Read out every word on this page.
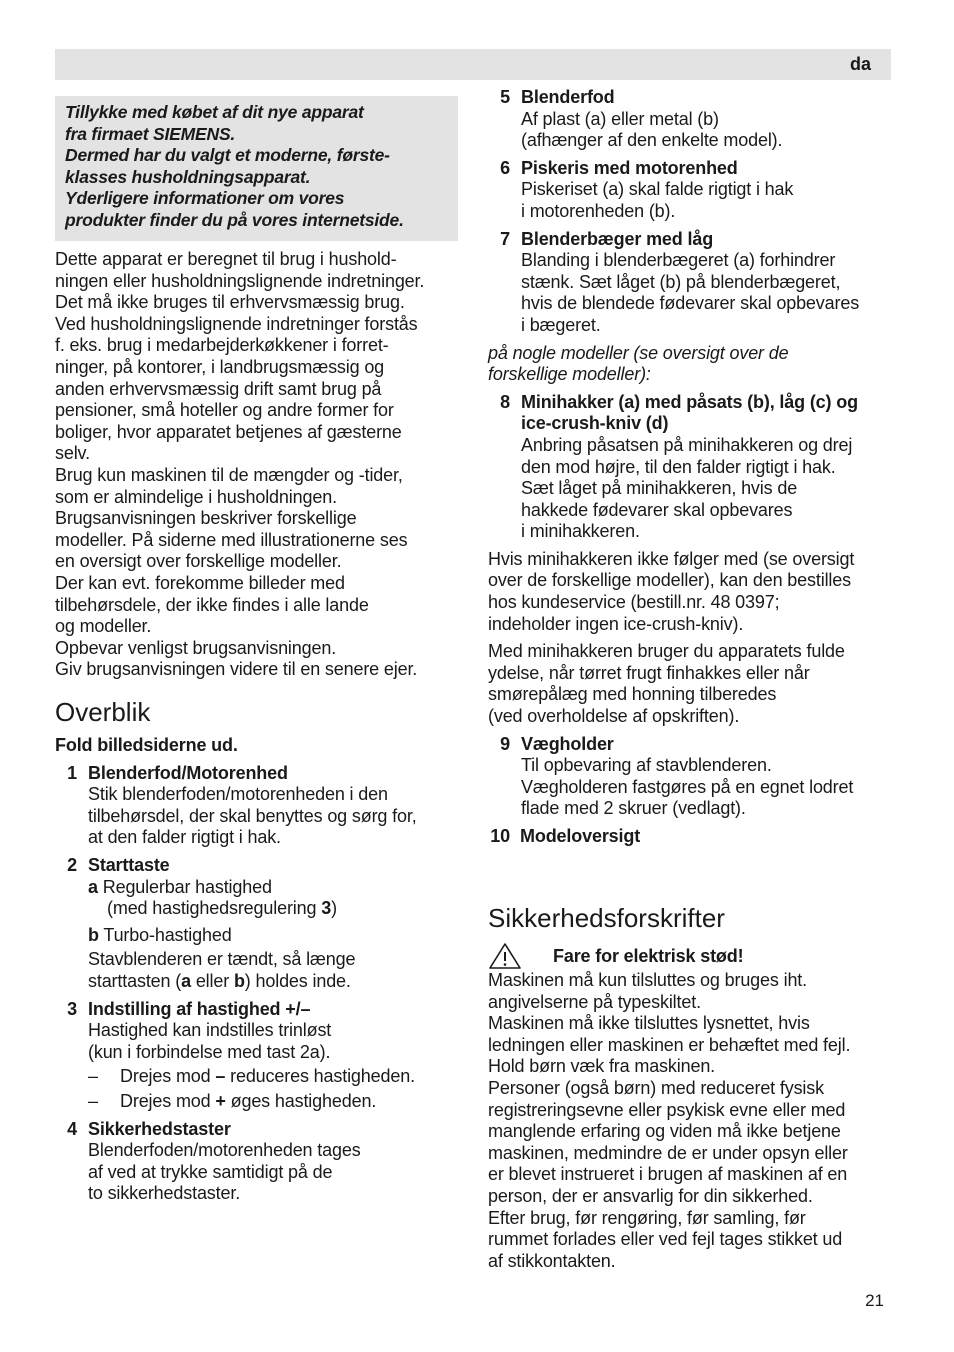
da

Tillykke med købet af dit nye apparat

fra firmaet SIEMENS.

Dermed har du valgt et moderne, første-

klasses husholdningsapparat.

Yderligere informationer om vores

produkter finder du på vores internetside.

Dette apparat er beregnet til brug i hushold-

ningen eller husholdningslignende indretninger.

Det må ikke bruges til erhvervsmæssig brug.

Ved husholdningslignende indretninger forstås

f. eks. brug i medarbejderkøkkener i forret-

ninger, på kontorer, i landbrugsmæssig og

anden erhvervsmæssig drift samt brug på

pensioner, små hoteller og andre former for

boliger, hvor apparatet betjenes af gæsterne

selv.

Brug kun maskinen til de mængder og -tider,

som er almindelige i husholdningen.

Brugsanvisningen beskriver forskellige

modeller. På siderne med illustrationerne ses

en oversigt over forskellige modeller.

Der kan evt. forekomme billeder med

tilbehørsdele, der ikke findes i alle lande

og modeller.

Opbevar venligst brugsanvisningen.

Giv brugsanvisningen videre til en senere ejer.

Overblik

Fold billedsiderne ud.

1 Blenderfod/Motorenhed

Stik blenderfoden/motorenheden i den

tilbehørsdel, der skal benyttes og sørg for,

at den falder rigtigt i hak.

2 Starttaste

a Regulerbar hastighed

(med hastighedsregulering 3)

b Turbo-hastighed

Stavblenderen er tændt, så længe

starttasten (a eller b) holdes inde.

3 Indstilling af hastighed +/–

Hastighed kan indstilles trinløst

(kun i forbindelse med tast 2a).

–	Drejes mod – reduceres hastigheden.
–	Drejes mod + øges hastigheden.
4 Sikkerhedstaster

Blenderfoden/motorenheden tages

af ved at trykke samtidigt på de

to sikkerhedstaster.

5 Blenderfod

Af plast (a) eller metal (b)

(afhænger af den enkelte model).

6 Piskeris med motorenhed

Piskeriset (a) skal falde rigtigt i hak

i motorenheden (b).

7 Blenderbæger med låg

Blanding i blenderbægeret (a) forhindrer

stænk. Sæt låget (b) på blenderbægeret,

hvis de blendede fødevarer skal opbevares

i bægeret.

på nogle modeller (se oversigt over de

forskellige modeller):

8 Minihakker (a) med påsats (b), låg (c) og

ice-crush-kniv (d)

Anbring påsatsen på minihakkeren og drej

den mod højre, til den falder rigtigt i hak.

Sæt låget på minihakkeren, hvis de

hakkede fødevarer skal opbevares

i minihakkeren.

Hvis minihakkeren ikke følger med (se oversigt

over de forskellige modeller), kan den bestilles

hos kundeservice (bestill.nr. 48 0397;

indeholder ingen ice-crush-kniv).

Med minihakkeren bruger du apparatets fulde

ydelse, når tørret frugt finhakkes eller når

smørepålæg med honning tilberedes

(ved overholdelse af opskriften).

9 Vægholder

Til opbevaring af stavblenderen.

Vægholderen fastgøres på en egnet lodret

flade med 2 skruer (vedlagt).

10 Modeloversigt
Sikkerhedsforskrifter
Fare for elektrisk stød!

Maskinen må kun tilsluttes og bruges iht.

angivelserne på typeskiltet.

Maskinen må ikke tilsluttes lysnettet, hvis

ledningen eller maskinen er behæftet med fejl.

Hold børn væk fra maskinen.

Personer (også børn) med reduceret fysisk

registreringsevne eller psykisk evne eller med

manglende erfaring og viden må ikke betjene

maskinen, medmindre de er under opsyn eller

er blevet instrueret i brugen af maskinen af en

person, der er ansvarlig for din sikkerhed.

Efter brug, før rengøring, før samling, før

rummet forlades eller ved fejl tages stikket ud

af stikkontakten.

21
